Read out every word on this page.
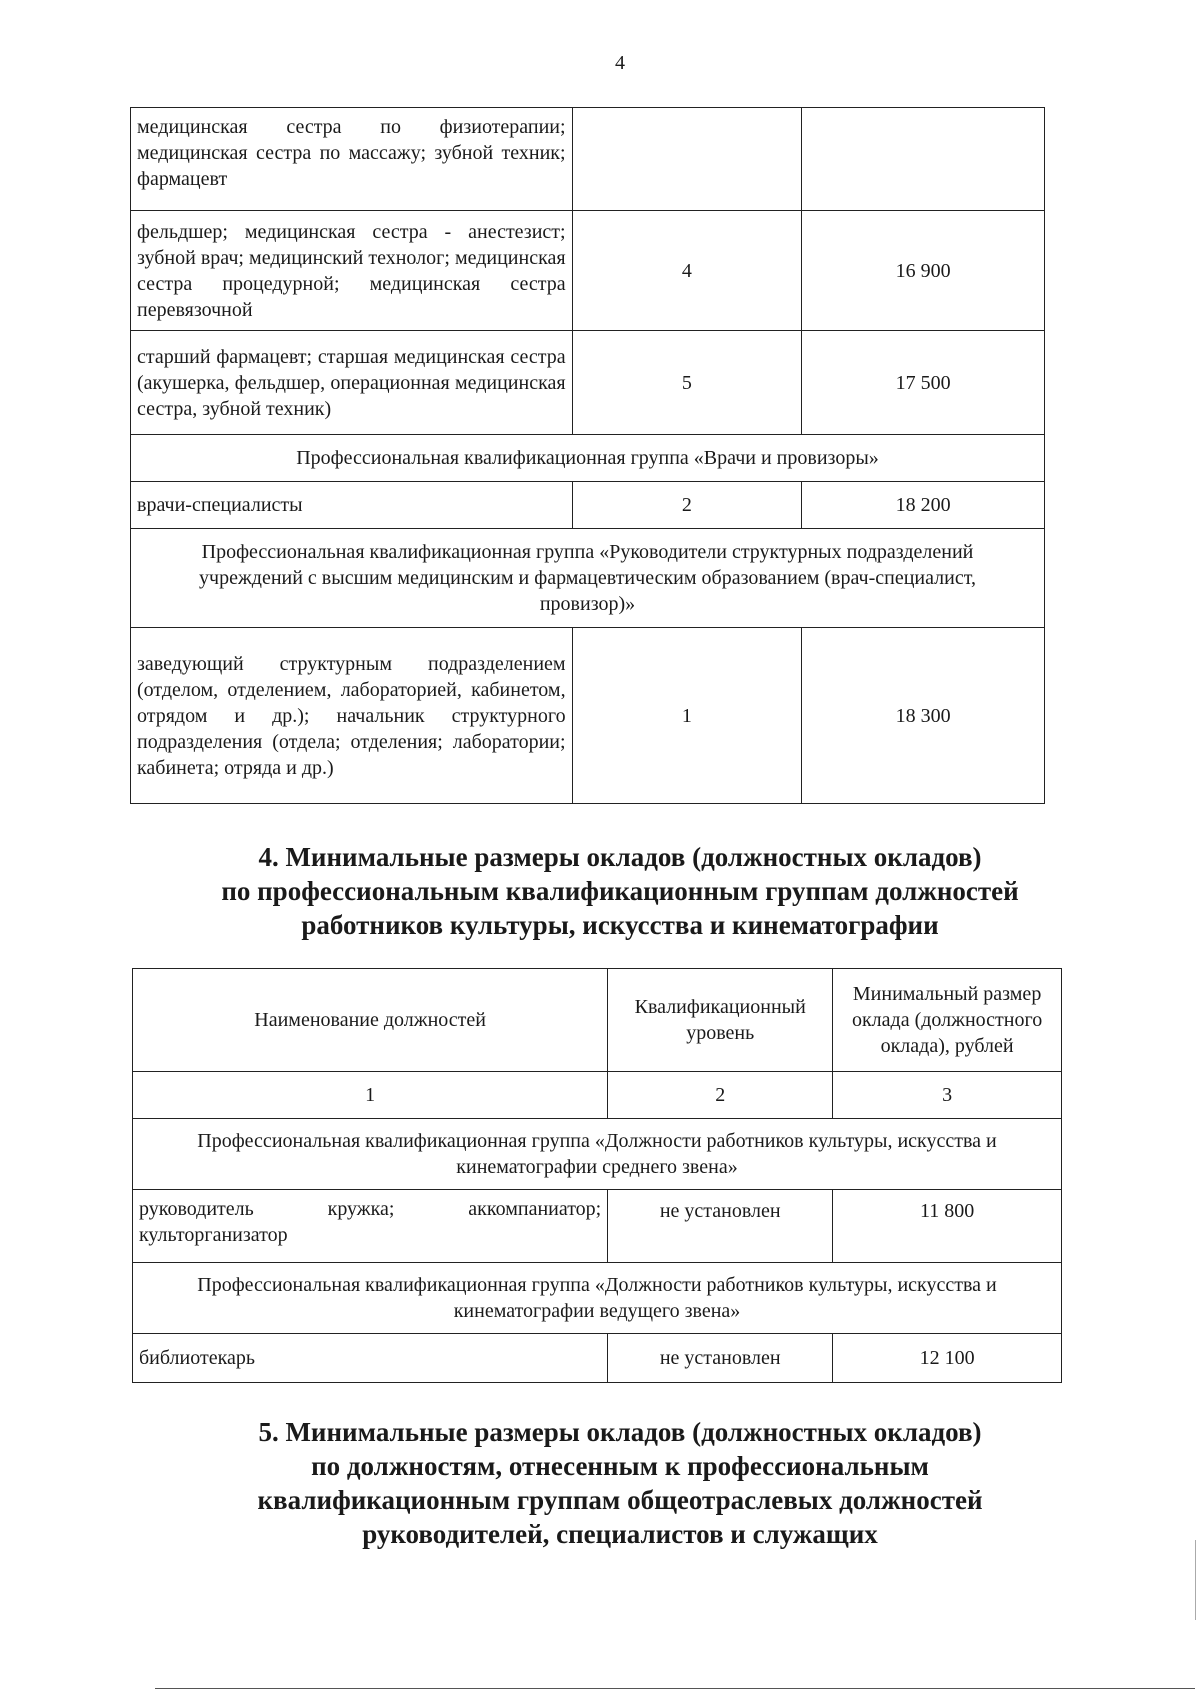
4
медицинская сестра по физиотерапии; медицинская сестра по массажу; зубной техник; фармацевт		
фельдшер; медицинская сестра - анестезист; зубной врач; медицинский технолог; медицинская сестра процедурной; медицинская сестра перевязочной	4	16 900
старший фармацевт; старшая медицинская сестра (акушерка, фельдшер, операционная медицинская сестра, зубной техник)	5	17 500
Профессиональная квалификационная группа «Врачи и провизоры»		
врачи-специалисты	2	18 200
Профессиональная квалификационная группа «Руководители структурных подразделений учреждений с высшим медицинским и фармацевтическим образованием (врач-специалист, провизор)»		
заведующий структурным подразделением (отделом, отделением, лабораторией, кабинетом, отрядом и др.); начальник структурного подразделения (отдела; отделения; лаборатории; кабинета; отряда и др.)	1	18 300
4. Минимальные размеры окладов (должностных окладов)
по профессиональным квалификационным группам должностей
работников культуры, искусства и кинематографии
Наименование должностей	Квалификационный уровень	Минимальный размер оклада (должностного оклада), рублей
1	2	3
Профессиональная квалификационная группа «Должности работников культуры, искусства и кинематографии среднего звена»		
руководитель кружка; аккомпаниатор; культорганизатор	не установлен	11 800
Профессиональная квалификационная группа «Должности работников культуры, искусства и кинематографии ведущего звена»		
библиотекарь	не установлен	12 100
5. Минимальные размеры окладов (должностных окладов)
по должностям, отнесенным к профессиональным
квалификационным группам общеотраслевых должностей
руководителей, специалистов и служащих
